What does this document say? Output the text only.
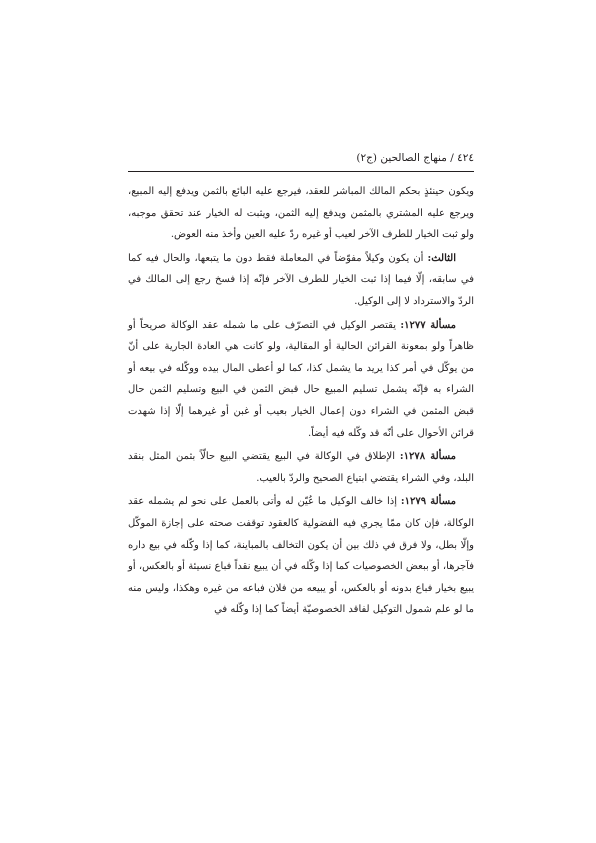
٤٢٤ / منهاج الصالحين (ج٢)

ويكون حينئذٍ بحكم المالك المباشر للعقد، فيرجع عليه البائع بالثمن ويدفع إليه المبيع، ويرجع عليه المشتري بالمثمن ويدفع إليه الثمن، ويثبت له الخيار عند تحقق موجبه، ولو ثبت الخيار للطرف الآخر لعيب أو غيره ردّ عليه العين وأخذ منه العوض.

الثالث: أن يكون وكيلاً مفوّضاً في المعاملة فقط دون ما يتبعها، والحال فيه كما في سابقه، إلّا فيما إذا ثبت الخيار للطرف الآخر فإنّه إذا فسخ رجع إلى المالك في الردّ والاسترداد لا إلى الوكيل.

مسألة ١٢٧٧: يقتصر الوكيل في التصرّف على ما شمله عقد الوكالة صريحاً أو ظاهراً ولو بمعونة القرائن الحالية أو المقالية، ولو كانت هي العادة الجارية على أنّ من يوكّل في أمر كذا يريد ما يشمل كذا، كما لو أعطى المال بيده ووكّله في بيعه أو الشراء به فإنّه يشمل تسليم المبيع حال قبض الثمن في البيع وتسليم الثمن حال قبض المثمن في الشراء دون إعمال الخيار بعيب أو غبن أو غيرهما إلّا إذا شهدت قرائن الأحوال على أنّه قد وكّله فيه أيضاً.

مسألة ١٢٧٨: الإطلاق في الوكالة في البيع يقتضي البيع حالّاً بثمن المثل بنقد البلد، وفي الشراء يقتضي ابتياع الصحيح والردّ بالعيب.

مسألة ١٢٧٩: إذا خالف الوكيل ما عُيّن له وأتى بالعمل على نحو لم يشمله عقد الوكالة، فإن كان ممّا يجري فيه الفضولية كالعقود توقفت صحته على إجازة الموكّل وإلّا بطل، ولا فرق في ذلك بين أن يكون التخالف بالمباينة، كما إذا وكّله في بيع داره فآجرها، أو ببعض الخصوصيات كما إذا وكّله في أن يبيع نقداً فباع نسيئة أو بالعكس، أو يبيع بخيار فباع بدونه أو بالعكس، أو يبيعه من فلان فباعه من غيره وهكذا، وليس منه ما لو علم شمول التوكيل لفاقد الخصوصيّة أيضاً كما إذا وكّله في
